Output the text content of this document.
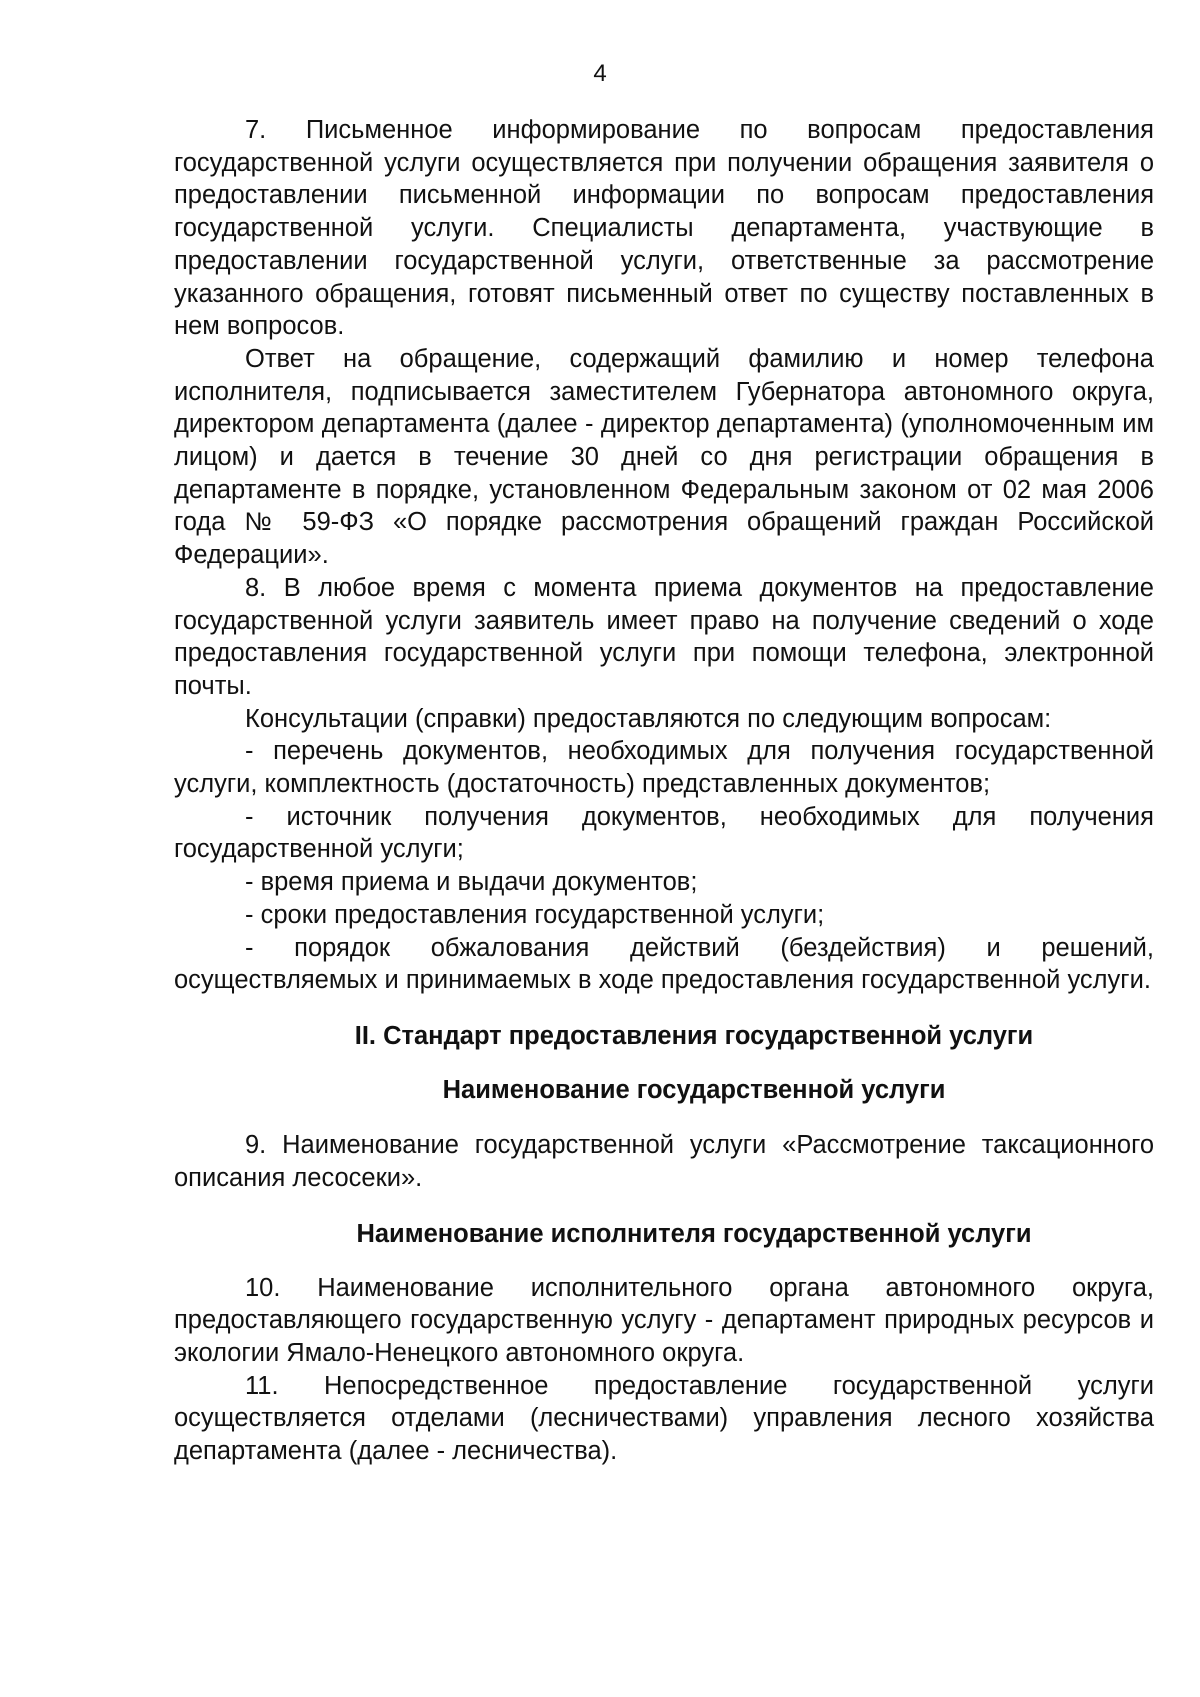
4

7. Письменное информирование по вопросам предоставления государственной услуги осуществляется при получении обращения заявителя о предоставлении письменной информации по вопросам предоставления государственной услуги. Специалисты департамента, участвующие в предоставлении государственной услуги, ответственные за рассмотрение указанного обращения, готовят письменный ответ по существу поставленных в нем вопросов.

Ответ на обращение, содержащий фамилию и номер телефона исполнителя, подписывается заместителем Губернатора автономного округа, директором департамента (далее - директор департамента) (уполномоченным им лицом) и дается в течение 30 дней со дня регистрации обращения в департаменте в порядке, установленном Федеральным законом от 02 мая 2006 года № 59-ФЗ «О порядке рассмотрения обращений граждан Российской Федерации».

8. В любое время с момента приема документов на предоставление государственной услуги заявитель имеет право на получение сведений о ходе предоставления государственной услуги при помощи телефона, электронной почты.

Консультации (справки) предоставляются по следующим вопросам:

- перечень документов, необходимых для получения государственной услуги, комплектность (достаточность) представленных документов;

- источник получения документов, необходимых для получения государственной услуги;

- время приема и выдачи документов;

- сроки предоставления государственной услуги;

- порядок обжалования действий (бездействия) и решений, осуществляемых и принимаемых в ходе предоставления государственной услуги.

II. Стандарт предоставления государственной услуги
Наименование государственной услуги

9. Наименование государственной услуги «Рассмотрение таксационного описания лесосеки».

Наименование исполнителя государственной услуги

10. Наименование исполнительного органа автономного округа, предоставляющего государственную услугу - департамент природных ресурсов и экологии Ямало-Ненецкого автономного округа.

11. Непосредственное предоставление государственной услуги осуществляется отделами (лесничествами) управления лесного хозяйства департамента (далее - лесничества).
